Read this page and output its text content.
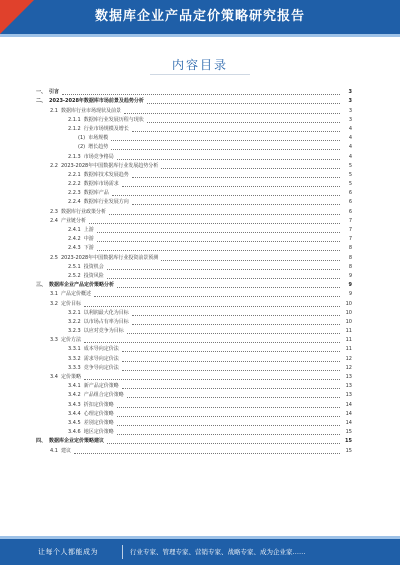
数据库企业产品定价策略研究报告
内容目录
一、 引言	3
二、 2023-2028年数据库市场前景及趋势分析	3
2.1 数据库行业市场现状及前景	3
2.1.1 数据库行业发展历程与现状	3
2.1.2 行业市场规模及增长	4
(1) 市场规模	4
(2) 增长趋势	4
2.1.3 市场竞争格局	4
2.2 2023-2028年中国数据库行业发展趋势分析	5
2.2.1 数据库技术发展趋势	5
2.2.2 数据库市场需求	5
2.2.3 数据库产品	6
2.2.4 数据库行业发展方向	6
2.3 数据库行业政策分析	6
2.4 产业链分析	7
2.4.1 上游	7
2.4.2 中游	7
2.4.3 下游	8
2.5 2023-2028年中国数据库行业投资前景预测	8
2.5.1 投资机会	8
2.5.2 投资风险	9
三、 数据库企业产品定价策略分析	9
3.1 产品定价概述	9
3.2 定价目标	10
3.2.1 以利润最大化为目标	10
3.2.2 以市场占有率为目标	10
3.2.3 以应对竞争为目标	11
3.3 定价方法	11
3.3.1 成本导向定价法	11
3.3.2 需求导向定价法	12
3.3.3 竞争导向定价法	12
3.4 定价策略	13
3.4.1 新产品定价策略	13
3.4.2 产品组合定价策略	13
3.4.3 折扣定价策略	14
3.4.4 心理定价策略	14
3.4.5 差别定价策略	14
3.4.6 地区定价策略	15
四、 数据库企业定价策略建议	15
4.1 建议	15
让每个人都能成为	行业专家、管理专家、营销专家、战略专家、成为企业家……
